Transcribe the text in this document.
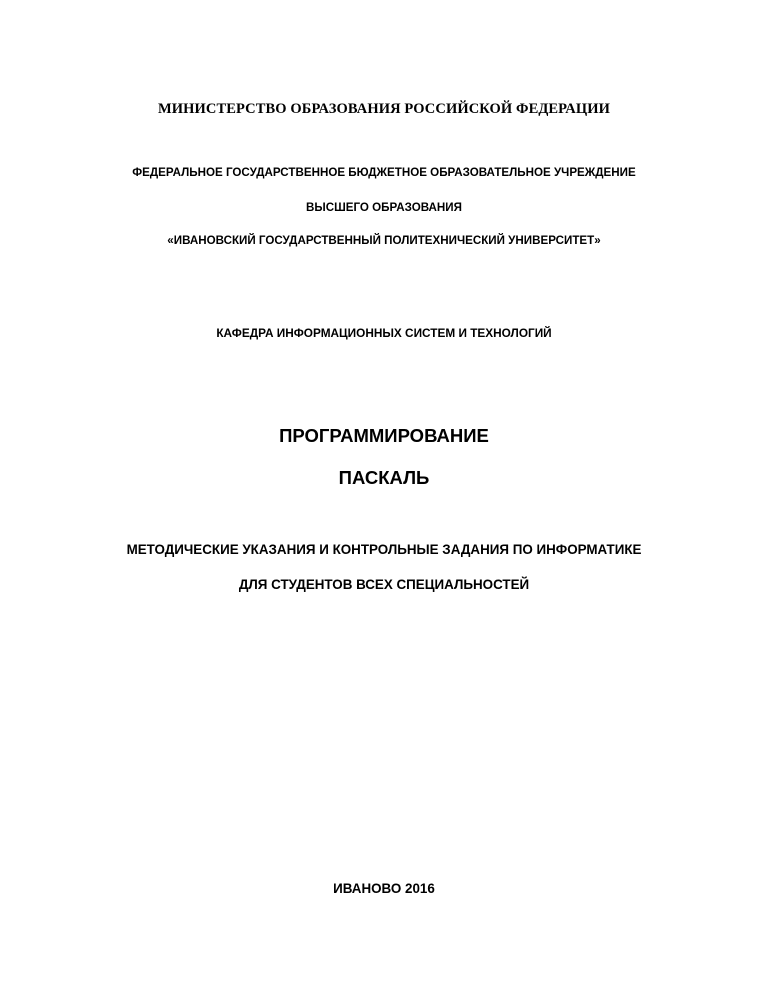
МИНИСТЕРСТВО ОБРАЗОВАНИЯ РОССИЙСКОЙ ФЕДЕРАЦИИ
ФЕДЕРАЛЬНОЕ ГОСУДАРСТВЕННОЕ БЮДЖЕТНОЕ ОБРАЗОВАТЕЛЬНОЕ УЧРЕЖДЕНИЕ
ВЫСШЕГО ОБРАЗОВАНИЯ
«ИВАНОВСКИЙ ГОСУДАРСТВЕННЫЙ ПОЛИТЕХНИЧЕСКИЙ УНИВЕРСИТЕТ»
КАФЕДРА ИНФОРМАЦИОННЫХ СИСТЕМ И ТЕХНОЛОГИЙ
ПРОГРАММИРОВАНИЕ
ПАСКАЛЬ
МЕТОДИЧЕСКИЕ УКАЗАНИЯ И КОНТРОЛЬНЫЕ ЗАДАНИЯ ПО ИНФОРМАТИКЕ
ДЛЯ СТУДЕНТОВ ВСЕХ СПЕЦИАЛЬНОСТЕЙ
ИВАНОВО 2016
